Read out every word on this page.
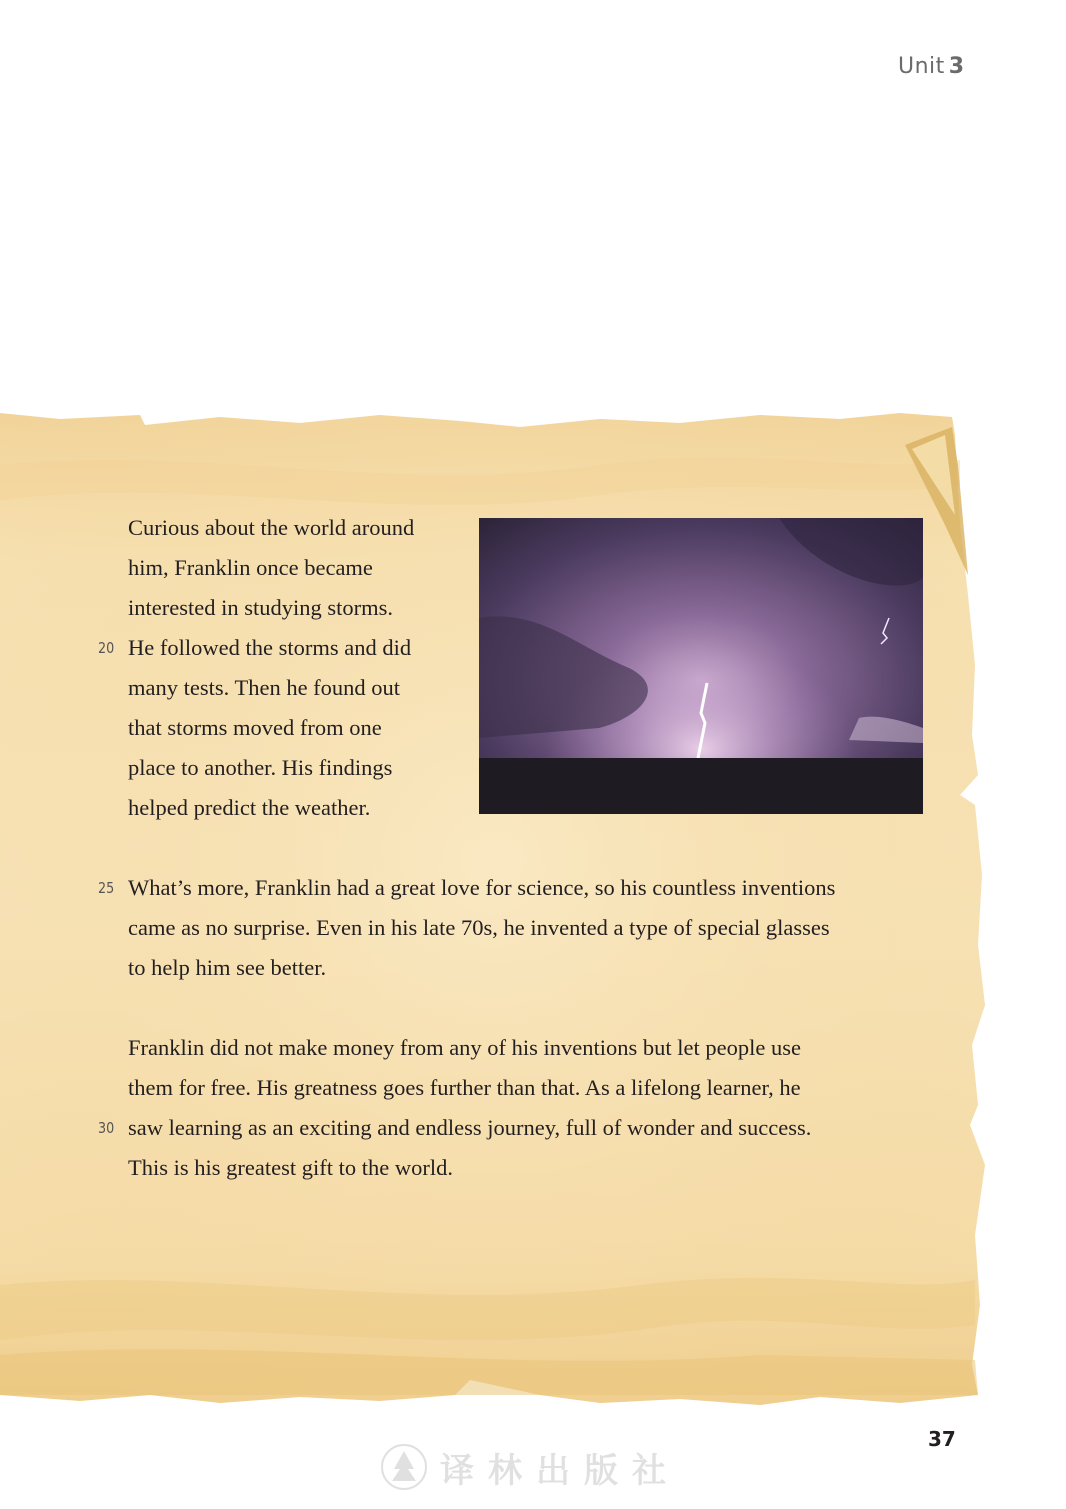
Unit 3
20
25
30
Curious about the world around
him, Franklin once became
interested in studying storms.
He followed the storms and did
many tests. Then he found out
that storms moved from one
place to another. His findings
helped predict the weather.
What’s more, Franklin had a great love for science, so his countless inventions
came as no surprise. Even in his late 70s, he invented a type of special glasses
to help him see better.
Franklin did not make money from any of his inventions but let people use
them for free. His greatness goes further than that. As a lifelong learner, he
saw learning as an exciting and endless journey, full of wonder and success.
This is his greatest gift to the world.
37
译林出版社
